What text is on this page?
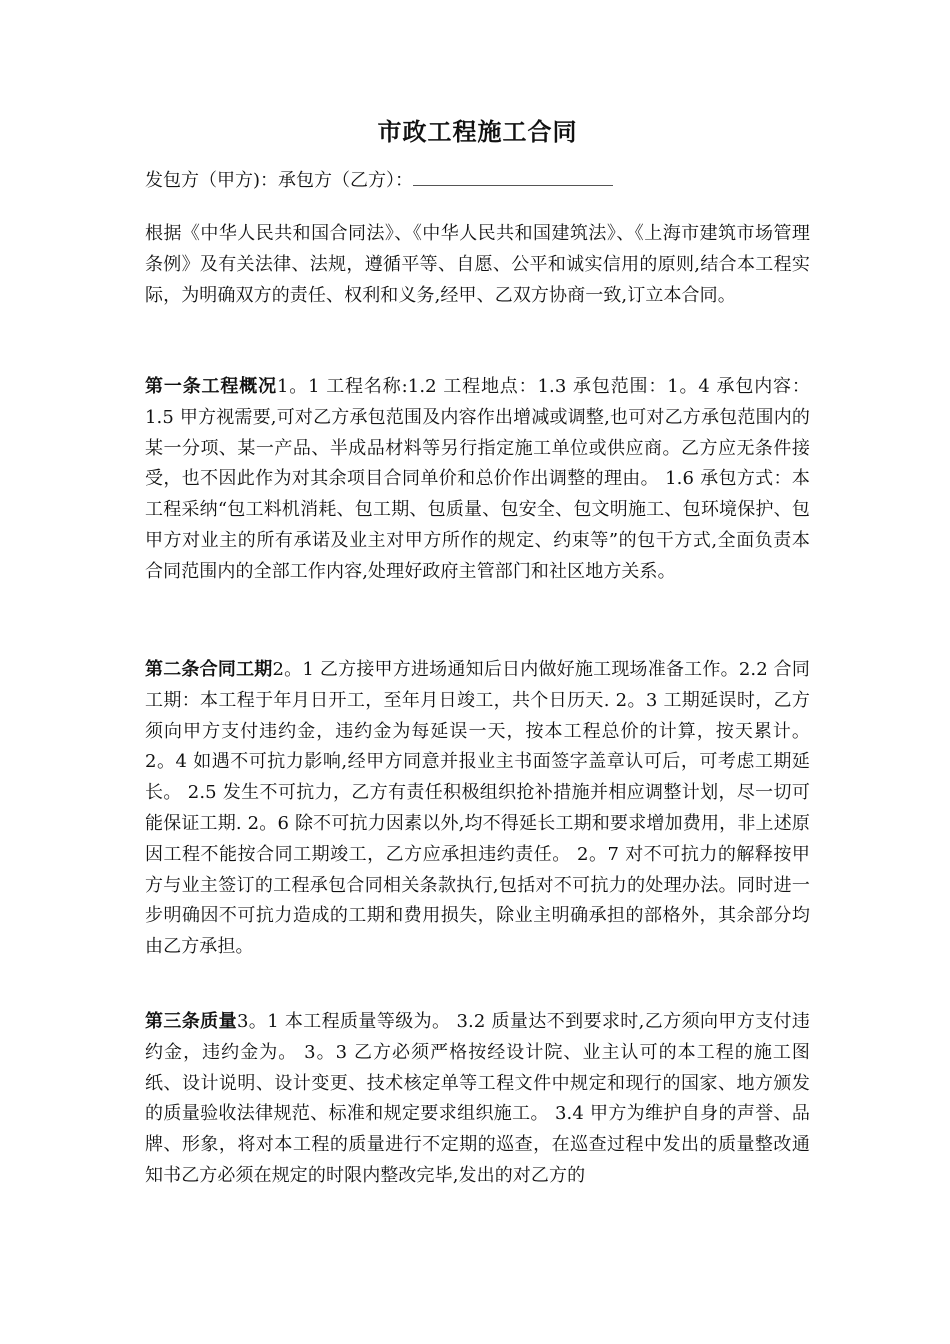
市政工程施工合同

发包方（甲方)：承包方（乙方）：

根据《中华人民共和国合同法》、《中华人民共和国建筑法》、《上海市建筑市场管理条例》及有关法律、法规，遵循平等、自愿、公平和诚实信用的原则,结合本工程实际，为明确双方的责任、权利和义务,经甲、乙双方协商一致,订立本合同。

第一条工程概况1。1 工程名称:1.2 工程地点：1.3 承包范围：1。4 承包内容：1.5 甲方视需要,可对乙方承包范围及内容作出增减或调整,也可对乙方承包范围内的某一分项、某一产品、半成品材料等另行指定施工单位或供应商。乙方应无条件接受，也不因此作为对其余项目合同单价和总价作出调整的理由。 1.6 承包方式：本工程采纳“包工料机消耗、包工期、包质量、包安全、包文明施工、包环境保护、包甲方对业主的所有承诺及业主对甲方所作的规定、约束等”的包干方式,全面负责本合同范围内的全部工作内容,处理好政府主管部门和社区地方关系。

第二条合同工期2。1 乙方接甲方进场通知后日内做好施工现场准备工作。2.2 合同工期：本工程于年月日开工，至年月日竣工，共个日历天. 2。3 工期延误时，乙方须向甲方支付违约金，违约金为每延误一天，按本工程总价的计算，按天累计。 2。4 如遇不可抗力影响,经甲方同意并报业主书面签字盖章认可后，可考虑工期延长。 2.5 发生不可抗力，乙方有责任积极组织抢补措施并相应调整计划，尽一切可能保证工期. 2。6 除不可抗力因素以外,均不得延长工期和要求增加费用，非上述原因工程不能按合同工期竣工，乙方应承担违约责任。 2。7 对不可抗力的解释按甲方与业主签订的工程承包合同相关条款执行,包括对不可抗力的处理办法。同时进一步明确因不可抗力造成的工期和费用损失，除业主明确承担的部格外，其余部分均由乙方承担。

第三条质量3。1 本工程质量等级为。 3.2 质量达不到要求时,乙方须向甲方支付违约金，违约金为。 3。3 乙方必须严格按经设计院、业主认可的本工程的施工图纸、设计说明、设计变更、技术核定单等工程文件中规定和现行的国家、地方颁发的质量验收法律规范、标准和规定要求组织施工。 3.4 甲方为维护自身的声誉、品牌、形象，将对本工程的质量进行不定期的巡查，在巡查过程中发出的质量整改通知书乙方必须在规定的时限内整改完毕,发出的对乙方的
